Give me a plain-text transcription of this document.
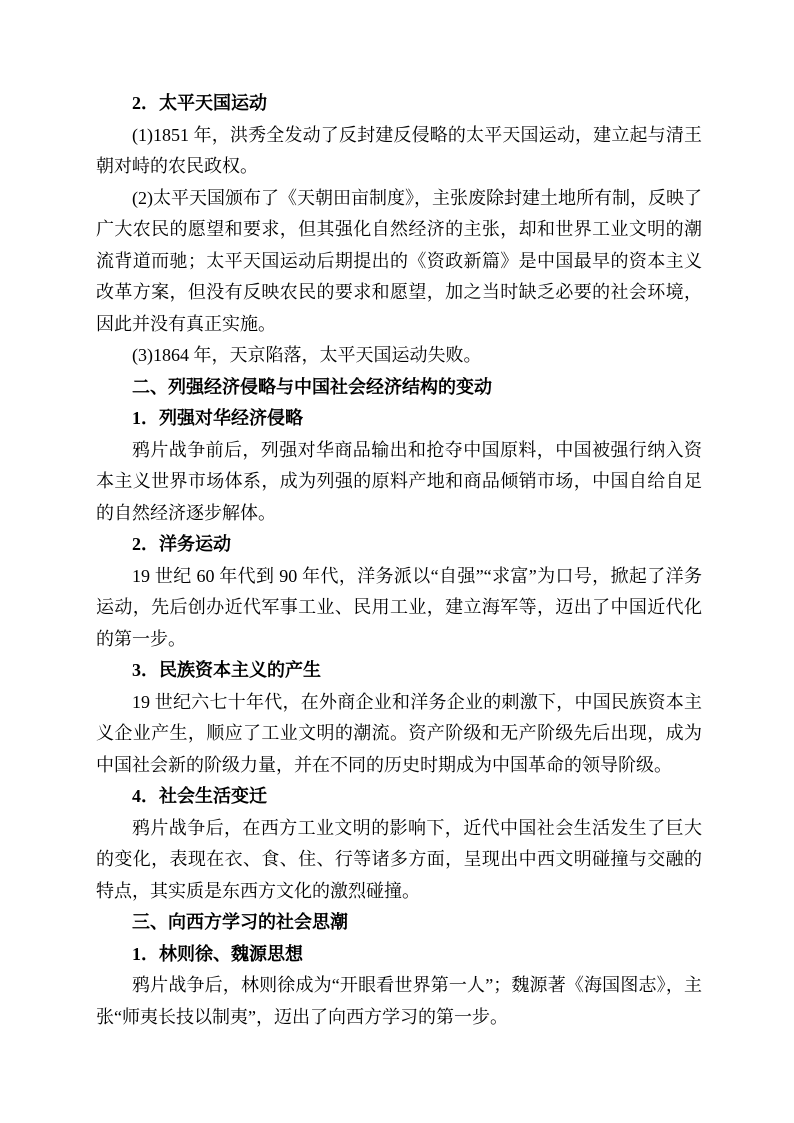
2．太平天国运动
(1)1851 年，洪秀全发动了反封建反侵略的太平天国运动，建立起与清王朝对峙的农民政权。
(2)太平天国颁布了《天朝田亩制度》，主张废除封建土地所有制，反映了广大农民的愿望和要求，但其强化自然经济的主张，却和世界工业文明的潮流背道而驰；太平天国运动后期提出的《资政新篇》是中国最早的资本主义改革方案，但没有反映农民的要求和愿望，加之当时缺乏必要的社会环境，因此并没有真正实施。
(3)1864 年，天京陷落，太平天国运动失败。
二、列强经济侵略与中国社会经济结构的变动
1．列强对华经济侵略
鸦片战争前后，列强对华商品输出和抢夺中国原料，中国被强行纳入资本主义世界市场体系，成为列强的原料产地和商品倾销市场，中国自给自足的自然经济逐步解体。
2．洋务运动
19 世纪 60 年代到 90 年代，洋务派以“自强”“求富”为口号，掀起了洋务运动，先后创办近代军事工业、民用工业，建立海军等，迈出了中国近代化的第一步。
3．民族资本主义的产生
19 世纪六七十年代，在外商企业和洋务企业的刺激下，中国民族资本主义企业产生，顺应了工业文明的潮流。资产阶级和无产阶级先后出现，成为中国社会新的阶级力量，并在不同的历史时期成为中国革命的领导阶级。
4．社会生活变迁
鸦片战争后，在西方工业文明的影响下，近代中国社会生活发生了巨大的变化，表现在衣、食、住、行等诸多方面，呈现出中西文明碰撞与交融的特点，其实质是东西方文化的激烈碰撞。
三、向西方学习的社会思潮
1．林则徐、魏源思想
鸦片战争后，林则徐成为“开眼看世界第一人”；魏源著《海国图志》，主张“师夷长技以制夷”，迈出了向西方学习的第一步。
